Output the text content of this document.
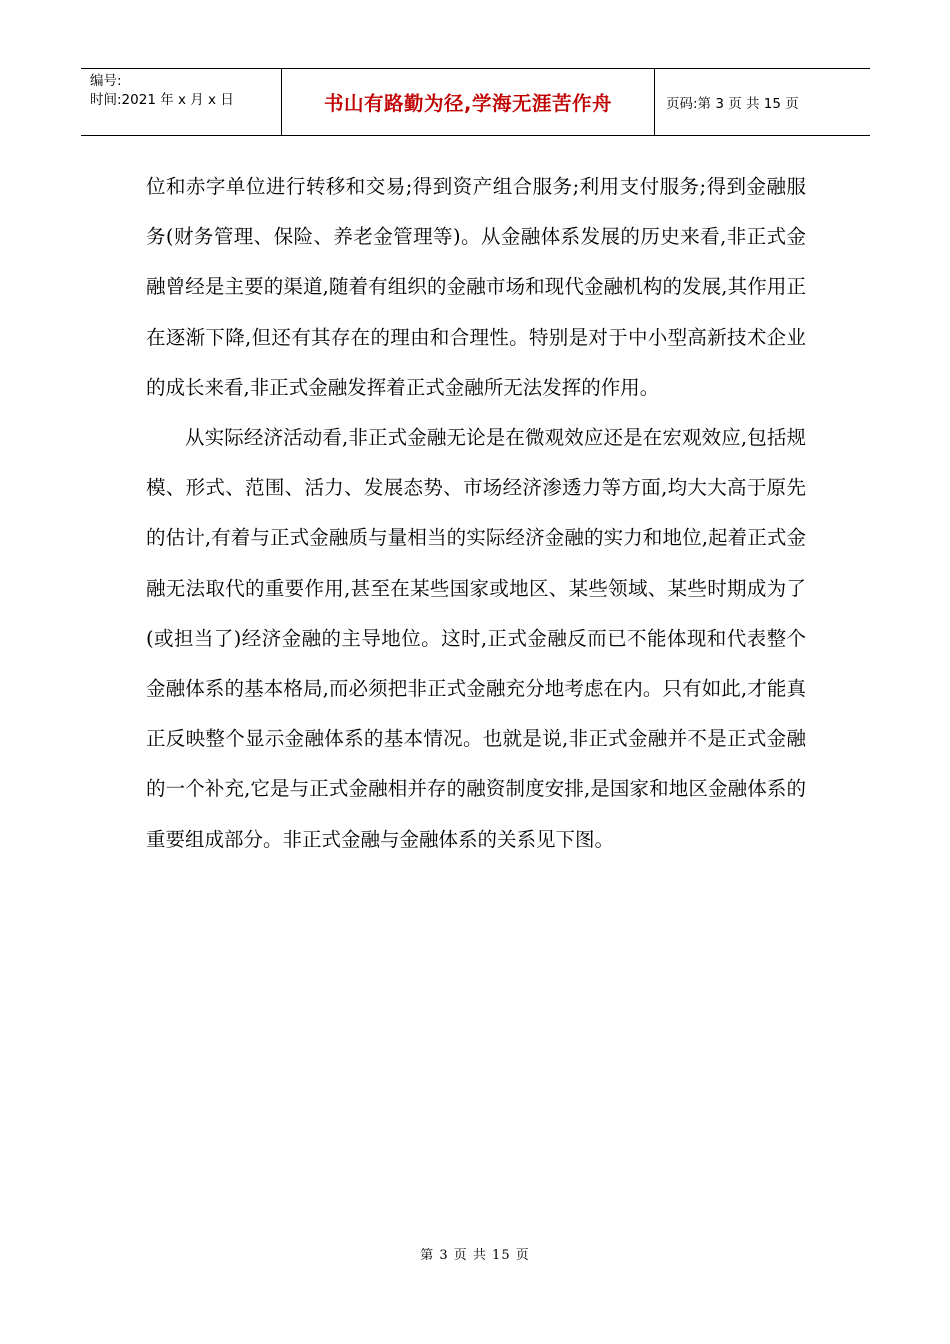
编号:
时间:2021 年 x 月 x 日	书山有路勤为径,学海无涯苦作舟	页码:第 3 页 共 15 页

位和赤字单位进行转移和交易;得到资产组合服务;利用支付服务;得到金融服务(财务管理、保险、养老金管理等)。从金融体系发展的历史来看,非正式金融曾经是主要的渠道,随着有组织的金融市场和现代金融机构的发展,其作用正在逐渐下降,但还有其存在的理由和合理性。特别是对于中小型高新技术企业的成长来看,非正式金融发挥着正式金融所无法发挥的作用。

从实际经济活动看,非正式金融无论是在微观效应还是在宏观效应,包括规模、形式、范围、活力、发展态势、市场经济渗透力等方面,均大大高于原先的估计,有着与正式金融质与量相当的实际经济金融的实力和地位,起着正式金融无法取代的重要作用,甚至在某些国家或地区、某些领域、某些时期成为了 (或担当了)经济金融的主导地位。这时,正式金融反而已不能体现和代表整个金融体系的基本格局,而必须把非正式金融充分地考虑在内。只有如此,才能真正反映整个显示金融体系的基本情况。也就是说,非正式金融并不是正式金融的一个补充,它是与正式金融相并存的融资制度安排,是国家和地区金融体系的重要组成部分。非正式金融与金融体系的关系见下图。

第 3 页 共 15 页
